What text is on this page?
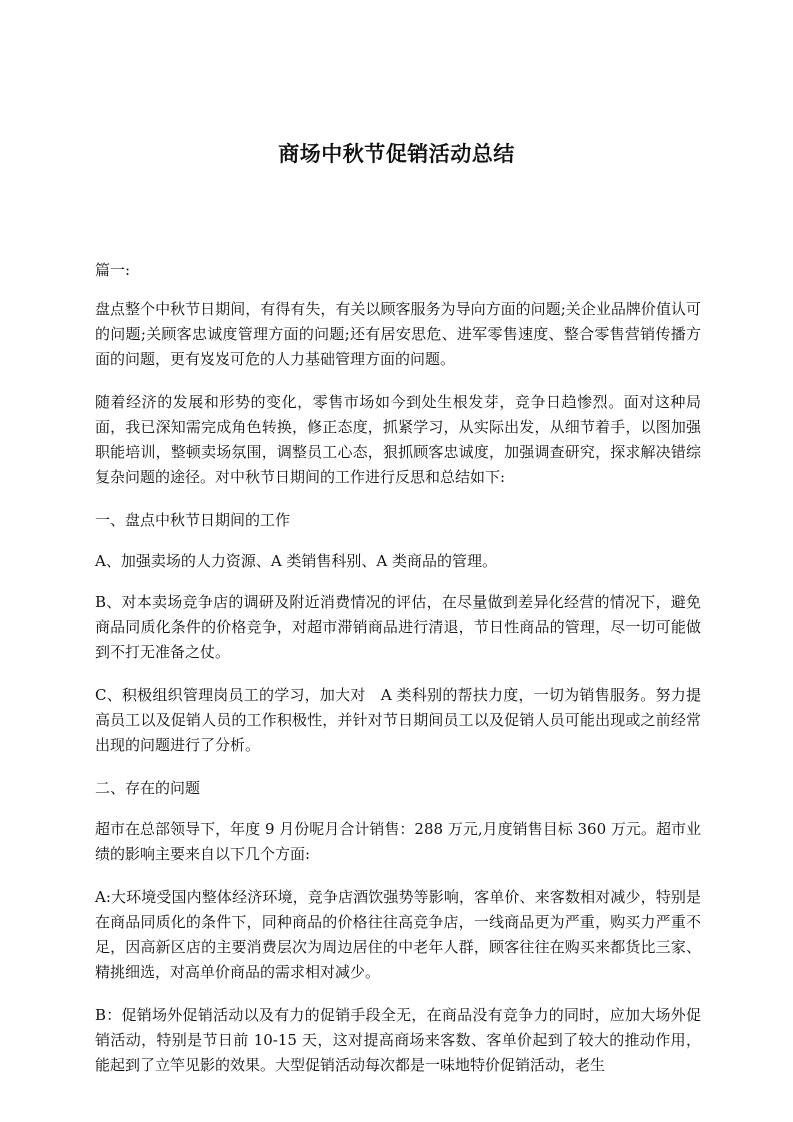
商场中秋节促销活动总结

篇一:

盘点整个中秋节日期间，有得有失，有关以顾客服务为导向方面的问题;关企业品牌价值认可的问题;关顾客忠诚度管理方面的问题;还有居安思危、进军零售速度、整合零售营销传播方面的问题，更有岌岌可危的人力基础管理方面的问题。

随着经济的发展和形势的变化，零售市场如今到处生根发芽，竞争日趋惨烈。面对这种局面，我已深知需完成角色转换，修正态度，抓紧学习，从实际出发，从细节着手，以图加强职能培训，整顿卖场氛围，调整员工心态，狠抓顾客忠诚度，加强调查研究，探求解决错综复杂问题的途径。对中秋节日期间的工作进行反思和总结如下:

一、盘点中秋节日期间的工作

A、加强卖场的人力资源、A 类销售科别、A 类商品的管理。

B、对本卖场竞争店的调研及附近消费情况的评估，在尽量做到差异化经营的情况下，避免商品同质化条件的价格竞争，对超市滞销商品进行清退，节日性商品的管理，尽一切可能做到不打无准备之仗。

C、积极组织管理岗员工的学习，加大对　A 类科别的帮扶力度，一切为销售服务。努力提高员工以及促销人员的工作积极性，并针对节日期间员工以及促销人员可能出现或之前经常出现的问题进行了分析。

二、存在的问题

超市在总部领导下，年度 9 月份呢月合计销售：288 万元,月度销售目标 360 万元。超市业绩的影响主要来自以下几个方面:

A:大环境受国内整体经济环境，竞争店酒饮强势等影响，客单价、来客数相对减少，特别是在商品同质化的条件下，同种商品的价格往往高竞争店，一线商品更为严重，购买力严重不足，因高新区店的主要消费层次为周边居住的中老年人群，顾客往往在购买来都货比三家、精挑细选，对高单价商品的需求相对减少。

B：促销场外促销活动以及有力的促销手段全无，在商品没有竞争力的同时，应加大场外促销活动，特别是节日前 10-15 天，这对提高商场来客数、客单价起到了较大的推动作用，能起到了立竿见影的效果。大型促销活动每次都是一味地特价促销活动，老生
